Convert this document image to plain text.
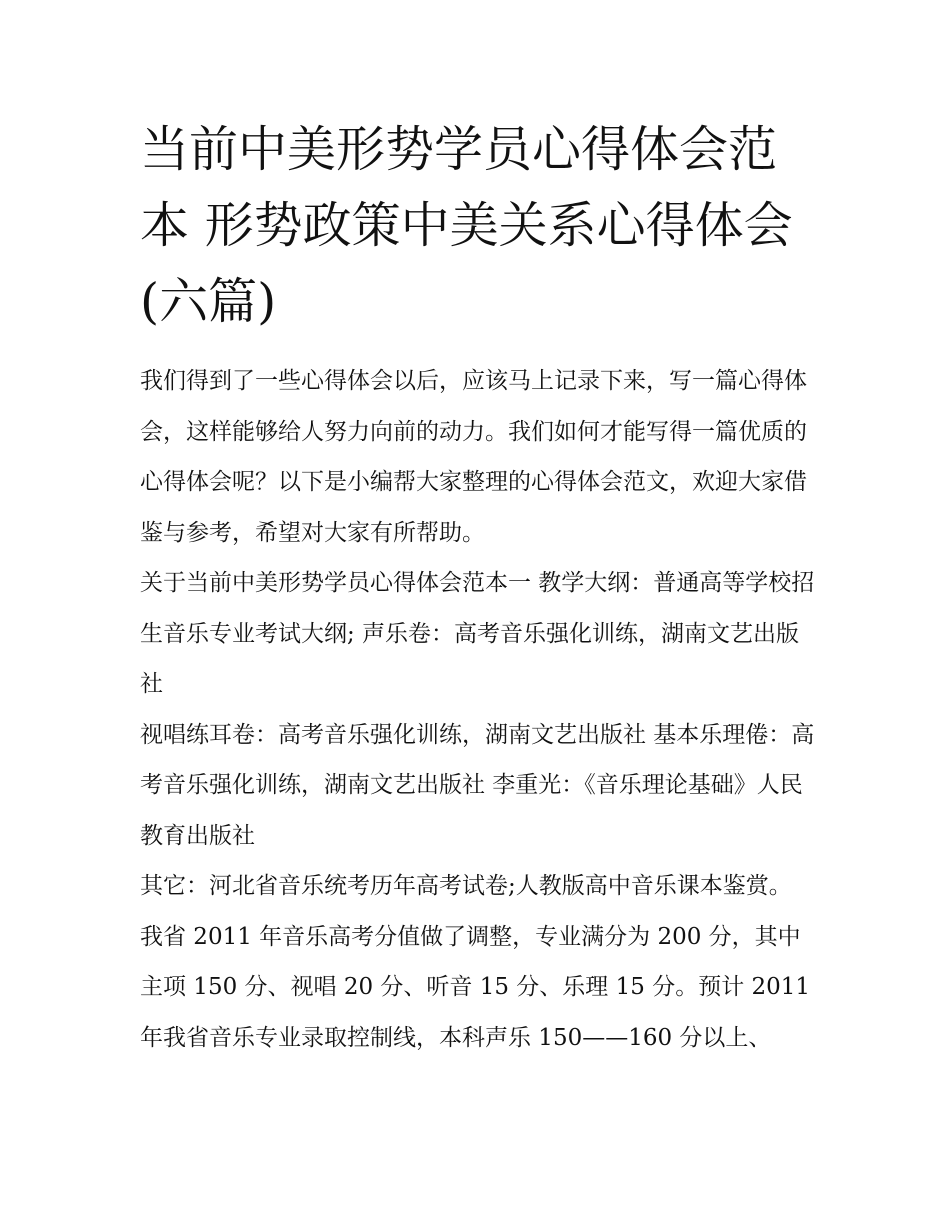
当前中美形势学员心得体会范本 形势政策中美关系心得体会(六篇)

我们得到了一些心得体会以后，应该马上记录下来，写一篇心得体会，这样能够给人努力向前的动力。我们如何才能写得一篇优质的心得体会呢？以下是小编帮大家整理的心得体会范文，欢迎大家借鉴与参考，希望对大家有所帮助。

关于当前中美形势学员心得体会范本一 教学大纲：普通高等学校招生音乐专业考试大纲; 声乐卷：高考音乐强化训练，湖南文艺出版社

视唱练耳卷：高考音乐强化训练，湖南文艺出版社 基本乐理倦：高考音乐强化训练，湖南文艺出版社 李重光：《音乐理论基础》人民教育出版社

其它：河北省音乐统考历年高考试卷;人教版高中音乐课本鉴赏。

我省 2011 年音乐高考分值做了调整，专业满分为 200 分，其中主项 150 分、视唱 20 分、听音 15 分、乐理 15 分。预计 2011 年我省音乐专业录取控制线，本科声乐 150——160 分以上、
